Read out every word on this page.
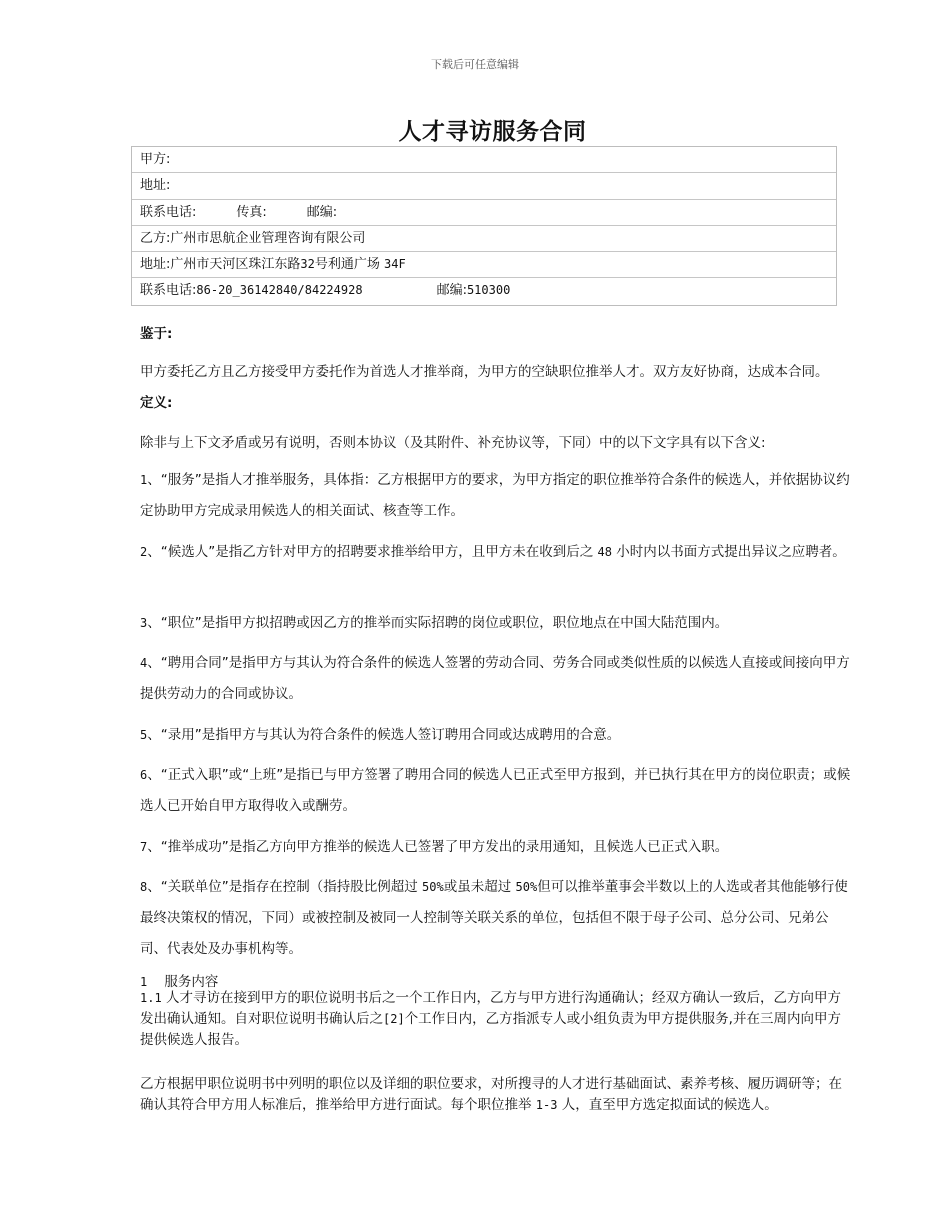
下载后可任意编辑
人才寻访服务合同
甲方:
地址:
联系电话:	传真:	邮编:
乙方:广州市思航企业管理咨询有限公司
地址:广州市天河区珠江东路32号利通广场 34F
联系电话:86-20_36142840/84224928	邮编:510300
鉴于:

甲方委托乙方且乙方接受甲方委托作为首选人才推举商，为甲方的空缺职位推举人才。双方友好协商，达成本合同。

定义:

除非与上下文矛盾或另有说明，否则本协议（及其附件、补充协议等，下同）中的以下文字具有以下含义:

1、“服务”是指人才推举服务，具体指：乙方根据甲方的要求，为甲方指定的职位推举符合条件的候选人，并依据协议约定协助甲方完成录用候选人的相关面试、核查等工作。

2、“候选人”是指乙方针对甲方的招聘要求推举给甲方，且甲方未在收到后之 48 小时内以书面方式提出异议之应聘者。

3、“职位”是指甲方拟招聘或因乙方的推举而实际招聘的岗位或职位，职位地点在中国大陆范围内。

4、“聘用合同”是指甲方与其认为符合条件的候选人签署的劳动合同、劳务合同或类似性质的以候选人直接或间接向甲方提供劳动力的合同或协议。

5、“录用”是指甲方与其认为符合条件的候选人签订聘用合同或达成聘用的合意。

6、“正式入职”或“上班”是指已与甲方签署了聘用合同的候选人已正式至甲方报到，并已执行其在甲方的岗位职责；或候选人已开始自甲方取得收入或酬劳。

7、“推举成功”是指乙方向甲方推举的候选人已签署了甲方发出的录用通知，且候选人已正式入职。

8、“关联单位”是指存在控制（指持股比例超过 50%或虽未超过 50%但可以推举董事会半数以上的人选或者其他能够行使最终决策权的情况，下同）或被控制及被同一人控制等关联关系的单位，包括但不限于母子公司、总分公司、兄弟公司、代表处及办事机构等。

1 服务内容

1.1 人才寻访在接到甲方的职位说明书后之一个工作日内，乙方与甲方进行沟通确认；经双方确认一致后，乙方向甲方发出确认通知。自对职位说明书确认后之[2]个工作日内，乙方指派专人或小组负责为甲方提供服务,并在三周内向甲方提供候选人报告。

乙方根据甲职位说明书中列明的职位以及详细的职位要求，对所搜寻的人才进行基础面试、素养考核、履历调研等；在确认其符合甲方用人标准后，推举给甲方进行面试。每个职位推举 1-3 人，直至甲方选定拟面试的候选人。
